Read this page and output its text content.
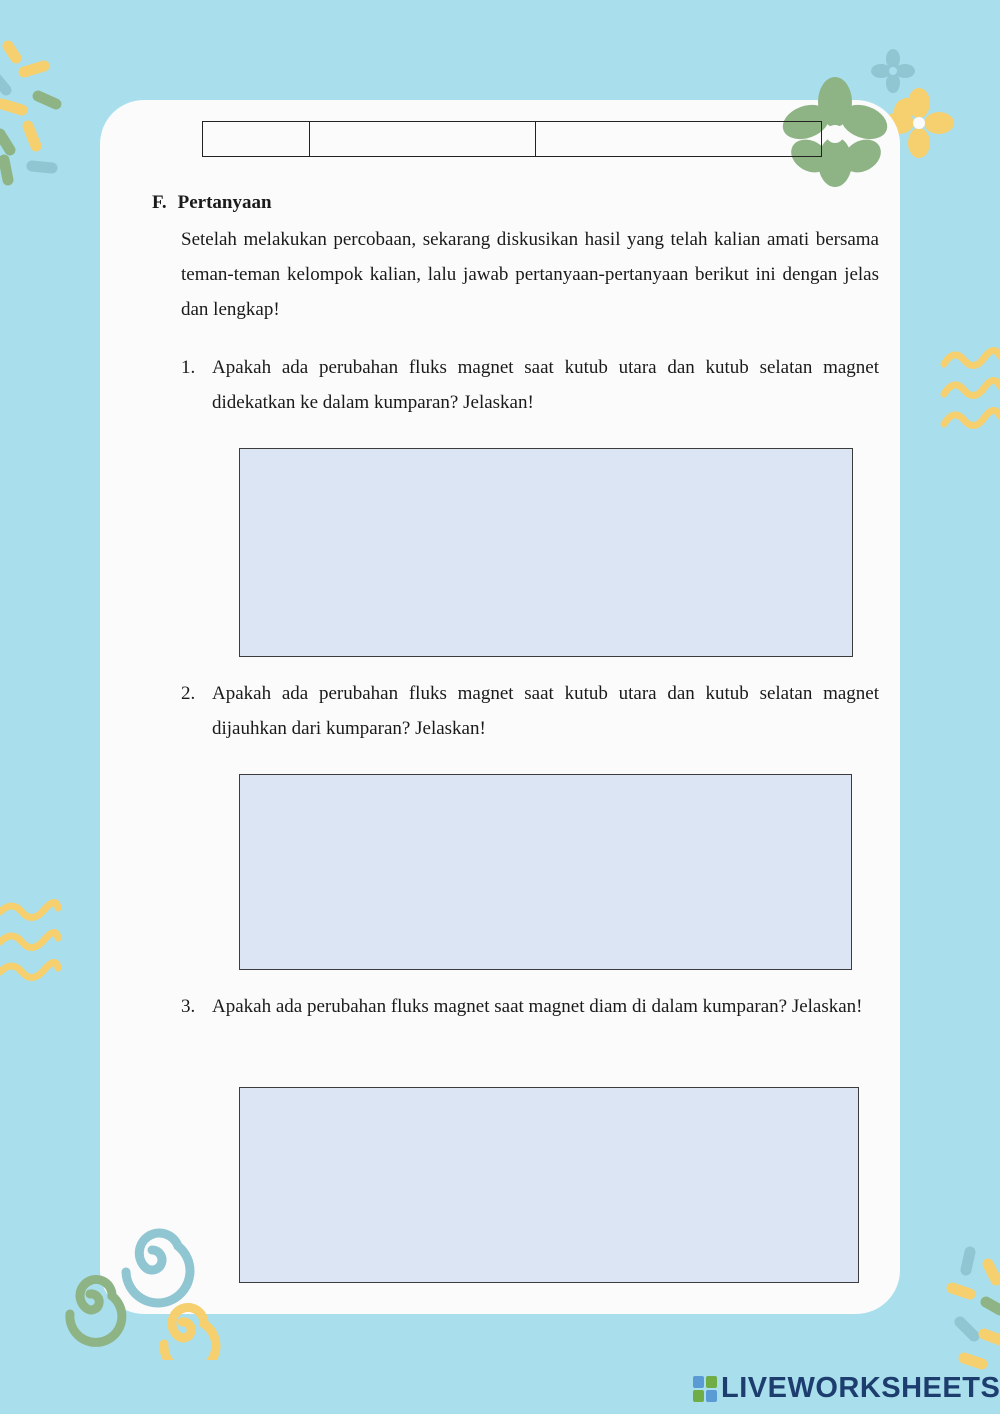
F. Pertanyaan

Setelah melakukan percobaan, sekarang diskusikan hasil yang telah kalian amati bersama teman-teman kelompok kalian, lalu jawab pertanyaan-pertanyaan berikut ini dengan jelas dan lengkap!

1. Apakah ada perubahan fluks magnet saat kutub utara dan kutub selatan magnet didekatkan ke dalam kumparan? Jelaskan!
2. Apakah ada perubahan fluks magnet saat kutub utara dan kutub selatan magnet dijauhkan dari kumparan? Jelaskan!
3. Apakah ada perubahan fluks magnet saat magnet diam di dalam kumparan? Jelaskan!
LIVEWORKSHEETS
